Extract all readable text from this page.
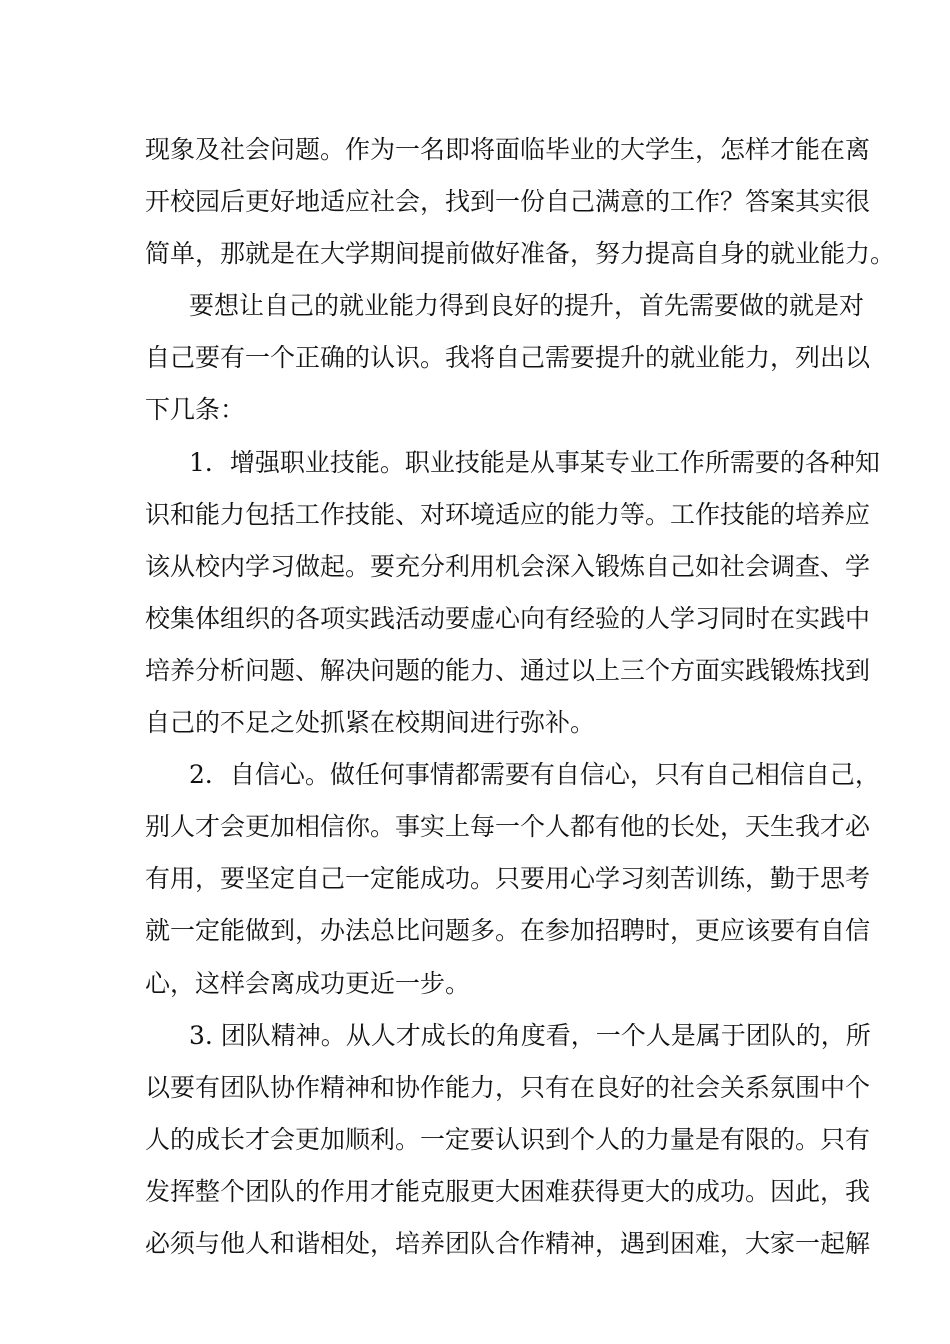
现象及社会问题。作为一名即将面临毕业的大学生，怎样才能在离
开校园后更好地适应社会，找到一份自己满意的工作？答案其实很
简单，那就是在大学期间提前做好准备，努力提高自身的就业能力。
要想让自己的就业能力得到良好的提升，首先需要做的就是对
自己要有一个正确的认识。我将自己需要提升的就业能力，列出以
下几条：
1．增强职业技能。职业技能是从事某专业工作所需要的各种知
识和能力包括工作技能、对环境适应的能力等。工作技能的培养应
该从校内学习做起。要充分利用机会深入锻炼自己如社会调查、学
校集体组织的各项实践活动要虚心向有经验的人学习同时在实践中
培养分析问题、解决问题的能力、通过以上三个方面实践锻炼找到
自己的不足之处抓紧在校期间进行弥补。
2．自信心。做任何事情都需要有自信心，只有自己相信自己，
别人才会更加相信你。事实上每一个人都有他的长处，天生我才必
有用，要坚定自己一定能成功。只要用心学习刻苦训练，勤于思考
就一定能做到，办法总比问题多。在参加招聘时，更应该要有自信
心，这样会离成功更近一步。
3. 团队精神。从人才成长的角度看，一个人是属于团队的，所
以要有团队协作精神和协作能力，只有在良好的社会关系氛围中个
人的成长才会更加顺利。一定要认识到个人的力量是有限的。只有
发挥整个团队的作用才能克服更大困难获得更大的成功。因此，我
必须与他人和谐相处，培养团队合作精神，遇到困难，大家一起解
